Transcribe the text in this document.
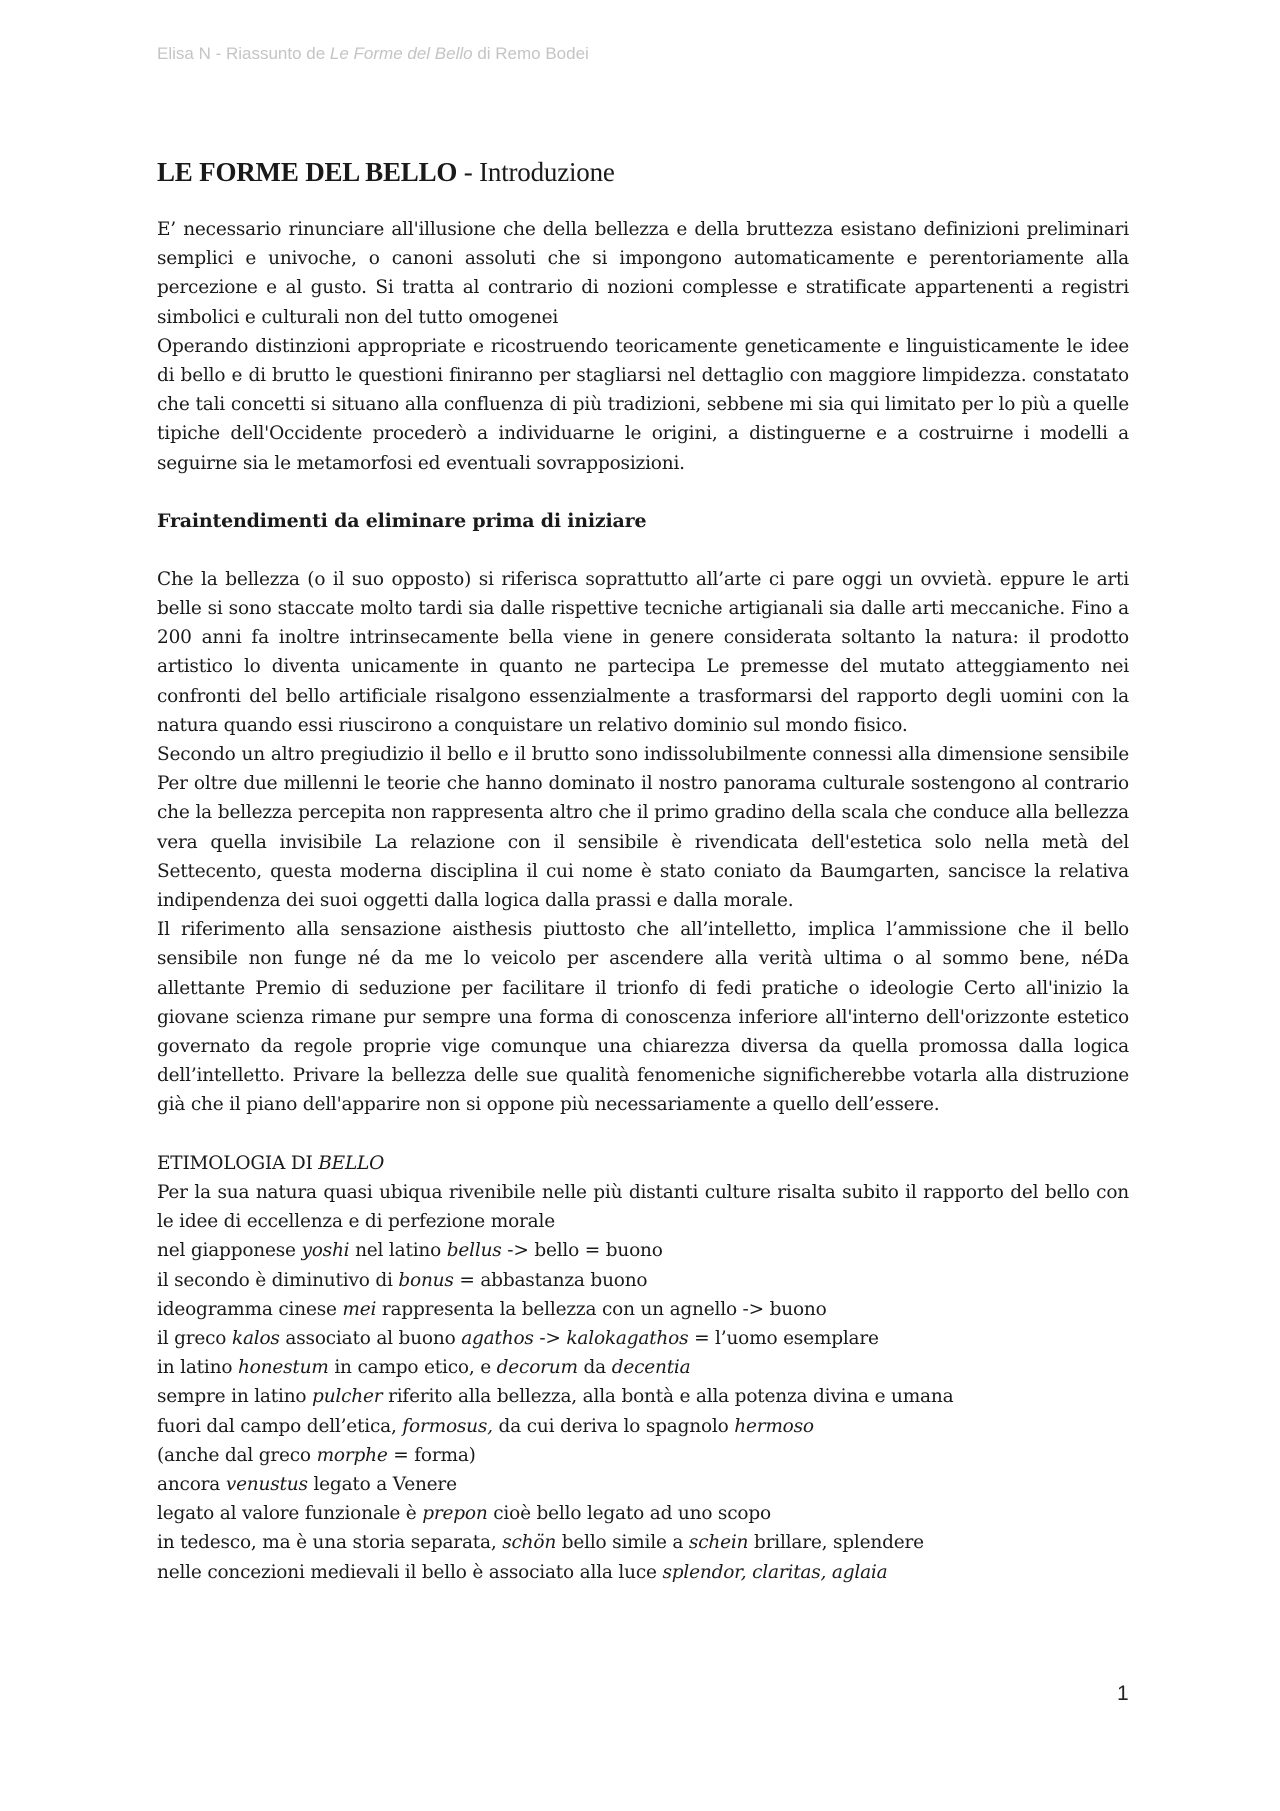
Elisa N - Riassunto de Le Forme del Bello di Remo Bodei
LE FORME DEL BELLO - Introduzione

E’ necessario rinunciare all'illusione che della bellezza e della bruttezza esistano definizioni preliminari semplici e univoche, o canoni assoluti che si impongono automaticamente e perentoriamente alla percezione e al gusto. Si tratta al contrario di nozioni complesse e stratificate appartenenti a registri simbolici e culturali non del tutto omogenei

Operando distinzioni appropriate e ricostruendo teoricamente geneticamente e linguisticamente le idee di bello e di brutto le questioni finiranno per stagliarsi nel dettaglio con maggiore limpidezza. constatato che tali concetti si situano alla confluenza di più tradizioni, sebbene mi sia qui limitato per lo più a quelle tipiche dell'Occidente procederò a individuarne le origini, a distinguerne e a costruirne i modelli a seguirne sia le metamorfosi ed eventuali sovrapposizioni.

Fraintendimenti da eliminare prima di iniziare

Che la bellezza (o il suo opposto) si riferisca soprattutto all’arte ci pare oggi un ovvietà. eppure le arti belle si sono staccate molto tardi sia dalle rispettive tecniche artigianali sia dalle arti meccaniche. Fino a 200 anni fa inoltre intrinsecamente bella viene in genere considerata soltanto la natura: il prodotto artistico lo diventa unicamente in quanto ne partecipa Le premesse del mutato atteggiamento nei confronti del bello artificiale risalgono essenzialmente a trasformarsi del rapporto degli uomini con la natura quando essi riuscirono a conquistare un relativo dominio sul mondo fisico.

Secondo un altro pregiudizio il bello e il brutto sono indissolubilmente connessi alla dimensione sensibile Per oltre due millenni le teorie che hanno dominato il nostro panorama culturale sostengono al contrario che la bellezza percepita non rappresenta altro che il primo gradino della scala che conduce alla bellezza vera quella invisibile La relazione con il sensibile è rivendicata dell'estetica solo nella metà del Settecento, questa moderna disciplina il cui nome è stato coniato da Baumgarten, sancisce la relativa indipendenza dei suoi oggetti dalla logica dalla prassi e dalla morale.

Il riferimento alla sensazione aisthesis piuttosto che all’intelletto, implica l’ammissione che il bello sensibile non funge né da me lo veicolo per ascendere alla verità ultima o al sommo bene, néDa allettante Premio di seduzione per facilitare il trionfo di fedi pratiche o ideologie Certo all'inizio la giovane scienza rimane pur sempre una forma di conoscenza inferiore all'interno dell'orizzonte estetico governato da regole proprie vige comunque una chiarezza diversa da quella promossa dalla logica dell’intelletto. Privare la bellezza delle sue qualità fenomeniche significherebbe votarla alla distruzione già che il piano dell'apparire non si oppone più necessariamente a quello dell’essere.

ETIMOLOGIA DI BELLO

Per la sua natura quasi ubiqua rivenibile nelle più distanti culture risalta subito il rapporto del bello con le idee di eccellenza e di perfezione morale

nel giapponese yoshi nel latino bellus -> bello = buono
il secondo è diminutivo di bonus = abbastanza buono
ideogramma cinese mei rappresenta la bellezza con un agnello -> buono
il greco kalos associato al buono agathos -> kalokagathos = l’uomo esemplare
in latino honestum in campo etico, e decorum da decentia
sempre in latino pulcher riferito alla bellezza, alla bontà e alla potenza divina e umana
fuori dal campo dell’etica, formosus, da cui deriva lo spagnolo hermoso
(anche dal greco morphe = forma)
ancora venustus legato a Venere
legato al valore funzionale è prepon cioè bello legato ad uno scopo
in tedesco, ma è una storia separata, schön bello simile a schein brillare, splendere
nelle concezioni medievali il bello è associato alla luce splendor, claritas, aglaia
1
